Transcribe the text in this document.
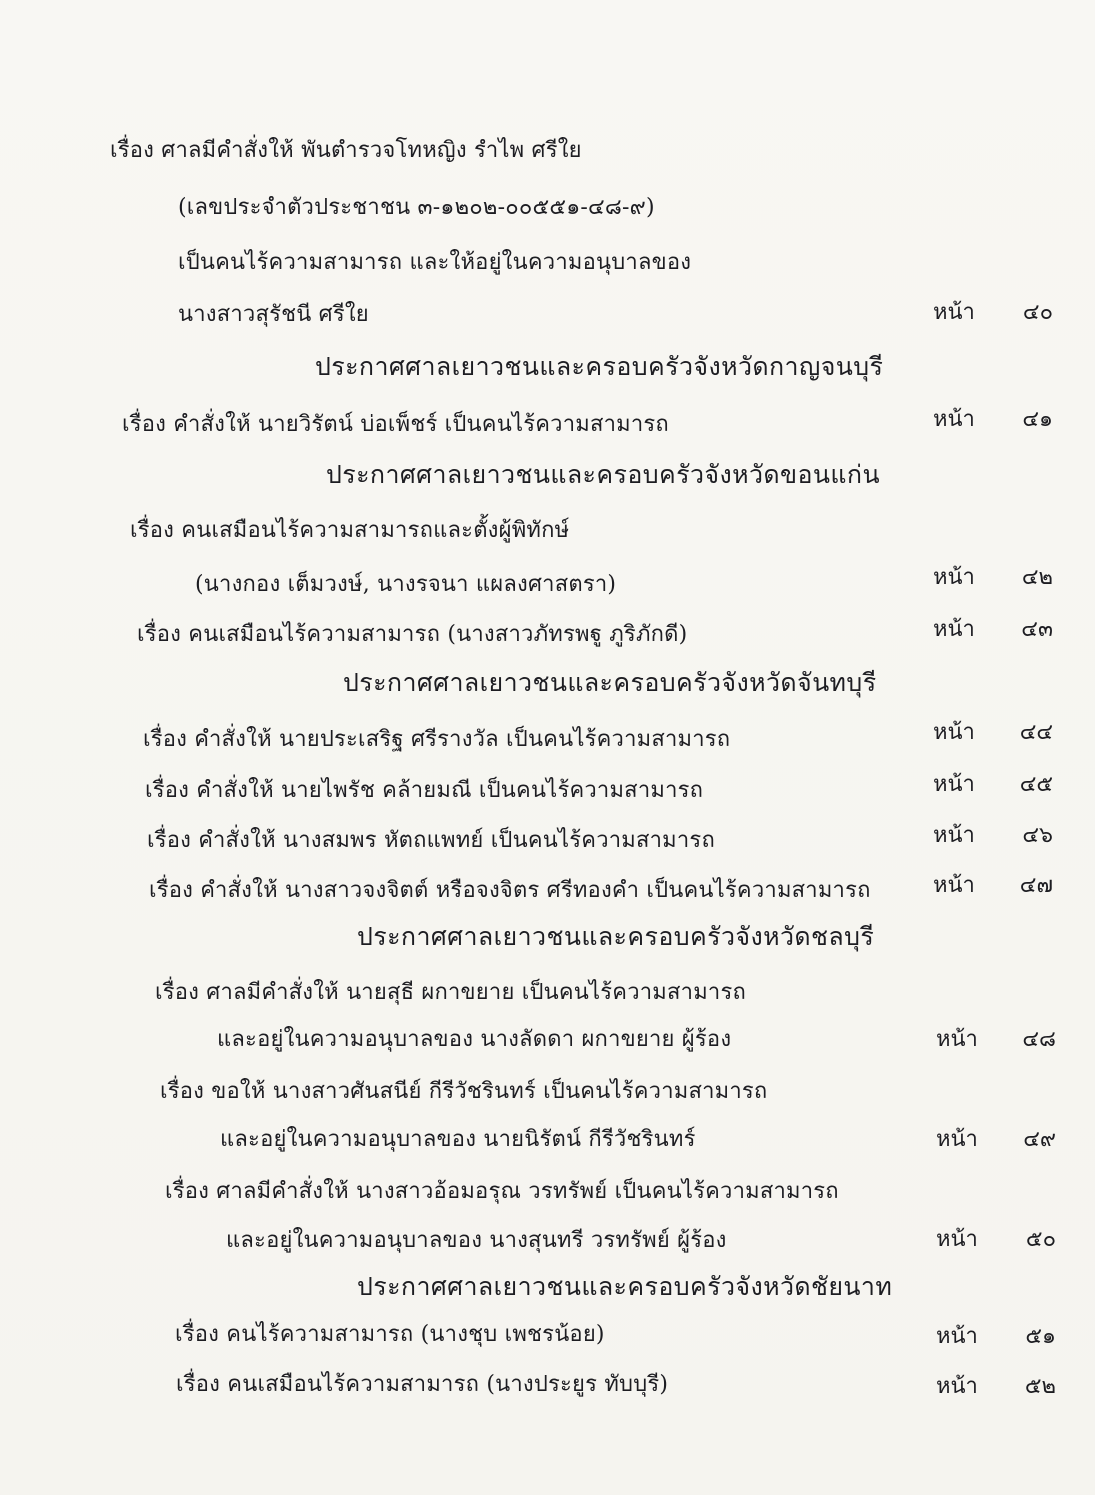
เรื่อง ศาลมีคำสั่งให้ พันตำรวจโทหญิง รำไพ ศรีใย
(เลขประจำตัวประชาชน ๓-๑๒๐๒-๐๐๕๕๑-๔๘-๙)
เป็นคนไร้ความสามารถ และให้อยู่ในความอนุบาลของ
นางสาวสุรัชนี ศรีใย	หน้า ๔๐
ประกาศศาลเยาวชนและครอบครัวจังหวัดกาญจนบุรี
เรื่อง คำสั่งให้ นายวิรัตน์ บ่อเพ็ชร์ เป็นคนไร้ความสามารถ	หน้า ๔๑
ประกาศศาลเยาวชนและครอบครัวจังหวัดขอนแก่น
เรื่อง คนเสมือนไร้ความสามารถและตั้งผู้พิทักษ์
(นางกอง เต็มวงษ์, นางรจนา แผลงศาสตรา)	หน้า ๔๒
เรื่อง คนเสมือนไร้ความสามารถ (นางสาวภัทรพฐู ภูริภักดี)	หน้า ๔๓
ประกาศศาลเยาวชนและครอบครัวจังหวัดจันทบุรี
เรื่อง คำสั่งให้ นายประเสริฐ ศรีรางวัล เป็นคนไร้ความสามารถ	หน้า ๔๔
เรื่อง คำสั่งให้ นายไพรัช คล้ายมณี เป็นคนไร้ความสามารถ	หน้า ๔๕
เรื่อง คำสั่งให้ นางสมพร หัตถแพทย์ เป็นคนไร้ความสามารถ	หน้า ๔๖
เรื่อง คำสั่งให้ นางสาวจงจิตต์ หรือจงจิตร ศรีทองคำ เป็นคนไร้ความสามารถ	หน้า ๔๗
ประกาศศาลเยาวชนและครอบครัวจังหวัดชลบุรี
เรื่อง ศาลมีคำสั่งให้ นายสุธี ผกาขยาย เป็นคนไร้ความสามารถ
และอยู่ในความอนุบาลของ นางลัดดา ผกาขยาย ผู้ร้อง	หน้า ๔๘
เรื่อง ขอให้ นางสาวศันสนีย์ กีรีวัชรินทร์ เป็นคนไร้ความสามารถ
และอยู่ในความอนุบาลของ นายนิรัตน์ กีรีวัชรินทร์	หน้า ๔๙
เรื่อง ศาลมีคำสั่งให้ นางสาวอ้อมอรุณ วรทรัพย์ เป็นคนไร้ความสามารถ
และอยู่ในความอนุบาลของ นางสุนทรี วรทรัพย์ ผู้ร้อง	หน้า ๕๐
ประกาศศาลเยาวชนและครอบครัวจังหวัดชัยนาท
เรื่อง คนไร้ความสามารถ (นางชุบ เพชรน้อย)	หน้า ๕๑
เรื่อง คนเสมือนไร้ความสามารถ (นางประยูร ทับบุรี)	หน้า ๕๒
